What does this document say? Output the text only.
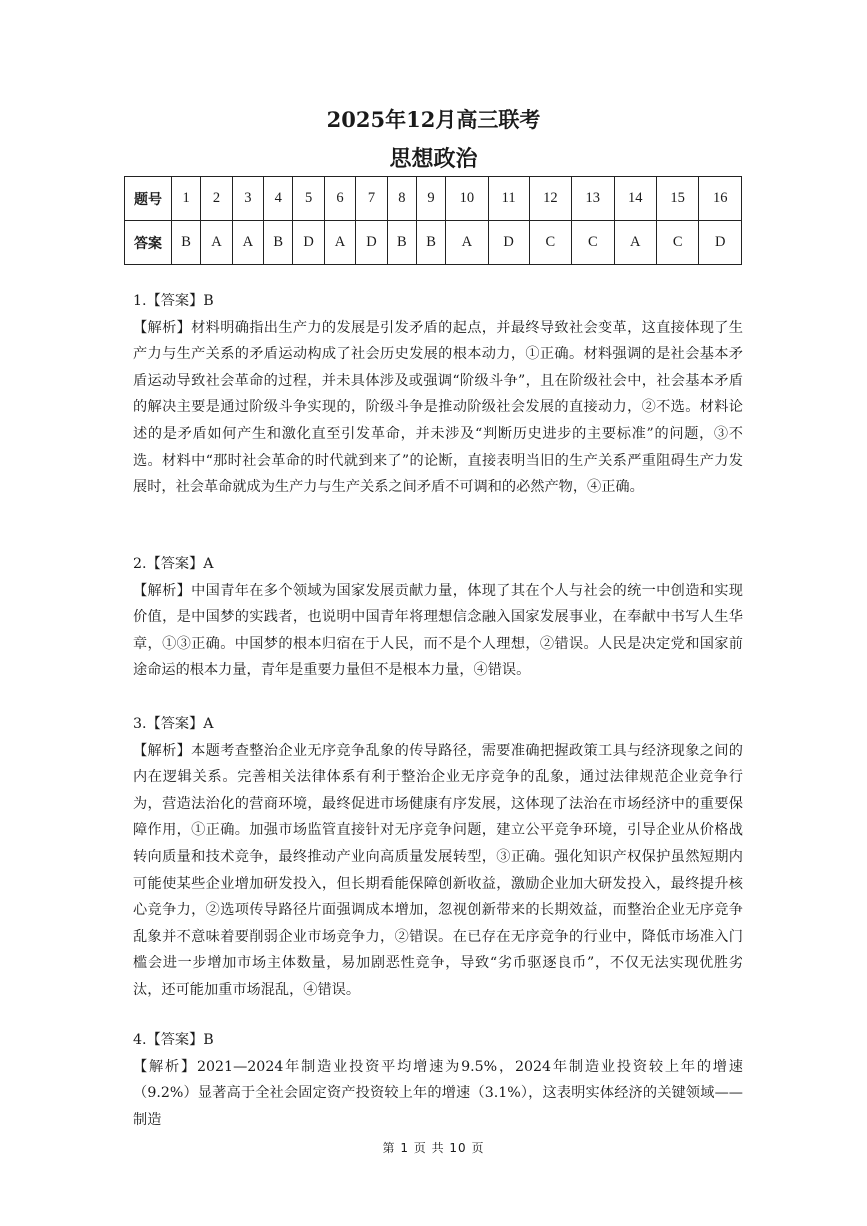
2025年12月高三联考
思想政治
题号	1	2	3	4	5	6	7	8	9	10	11	12	13	14	15	16
答案	B	A	A	B	D	A	D	B	B	A	D	C	C	A	C	D
1.【答案】B

【解析】材料明确指出生产力的发展是引发矛盾的起点，并最终导致社会变革，这直接体现了生产力与生产关系的矛盾运动构成了社会历史发展的根本动力，①正确。材料强调的是社会基本矛盾运动导致社会革命的过程，并未具体涉及或强调“阶级斗争”，且在阶级社会中，社会基本矛盾的解决主要是通过阶级斗争实现的，阶级斗争是推动阶级社会发展的直接动力，②不选。材料论述的是矛盾如何产生和激化直至引发革命，并未涉及“判断历史进步的主要标准”的问题，③不选。材料中“那时社会革命的时代就到来了”的论断，直接表明当旧的生产关系严重阻碍生产力发展时，社会革命就成为生产力与生产关系之间矛盾不可调和的必然产物，④正确。

2.【答案】A

【解析】中国青年在多个领域为国家发展贡献力量，体现了其在个人与社会的统一中创造和实现价值，是中国梦的实践者，也说明中国青年将理想信念融入国家发展事业，在奉献中书写人生华章，①③正确。中国梦的根本归宿在于人民，而不是个人理想，②错误。人民是决定党和国家前途命运的根本力量，青年是重要力量但不是根本力量，④错误。

3.【答案】A

【解析】本题考查整治企业无序竞争乱象的传导路径，需要准确把握政策工具与经济现象之间的内在逻辑关系。完善相关法律体系有利于整治企业无序竞争的乱象，通过法律规范企业竞争行为，营造法治化的营商环境，最终促进市场健康有序发展，这体现了法治在市场经济中的重要保障作用，①正确。加强市场监管直接针对无序竞争问题，建立公平竞争环境，引导企业从价格战转向质量和技术竞争，最终推动产业向高质量发展转型，③正确。强化知识产权保护虽然短期内可能使某些企业增加研发投入，但长期看能保障创新收益，激励企业加大研发投入，最终提升核心竞争力，②选项传导路径片面强调成本增加，忽视创新带来的长期效益，而整治企业无序竞争乱象并不意味着要削弱企业市场竞争力，②错误。在已存在无序竞争的行业中，降低市场准入门槛会进一步增加市场主体数量，易加剧恶性竞争，导致“劣币驱逐良币”，不仅无法实现优胜劣汰，还可能加重市场混乱，④错误。

4.【答案】B

【解析】2021—2024年制造业投资平均增速为9.5%，2024年制造业投资较上年的增速（9.2%）显著高于全社会固定资产投资较上年的增速（3.1%），这表明实体经济的关键领域——制造

第 1 页 共 10 页
